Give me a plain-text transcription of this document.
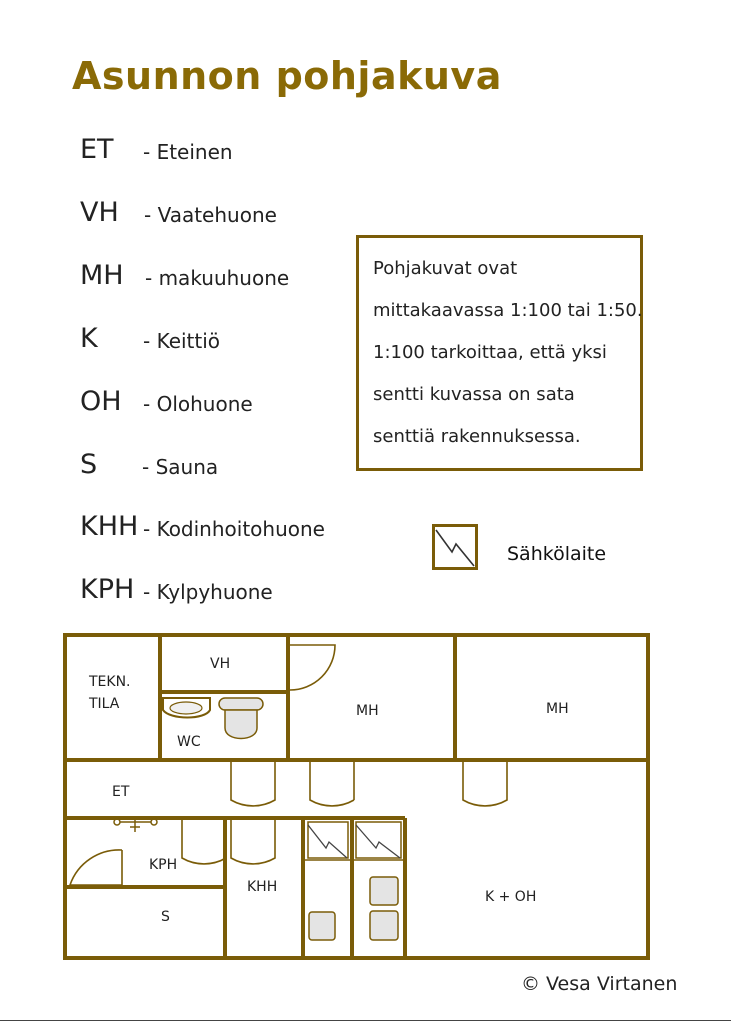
Asunnon pohjakuva
ET - Eteinen
VH - Vaatehuone
MH - makuuhuone
K - Keittiö
OH - Olohuone
S - Sauna
KHH - Kodinhoitohuone
KPH - Kylpyhuone
Pohjakuvat ovat
mittakaavassa 1:100 tai 1:50.
1:100 tarkoittaa, että yksi
sentti kuvassa on sata
senttiä rakennuksessa.
Sähkölaite
TEKN.
TILA
VH
WC
MH	MH
ET
KPH
S
KHH
K + OH
© Vesa Virtanen
